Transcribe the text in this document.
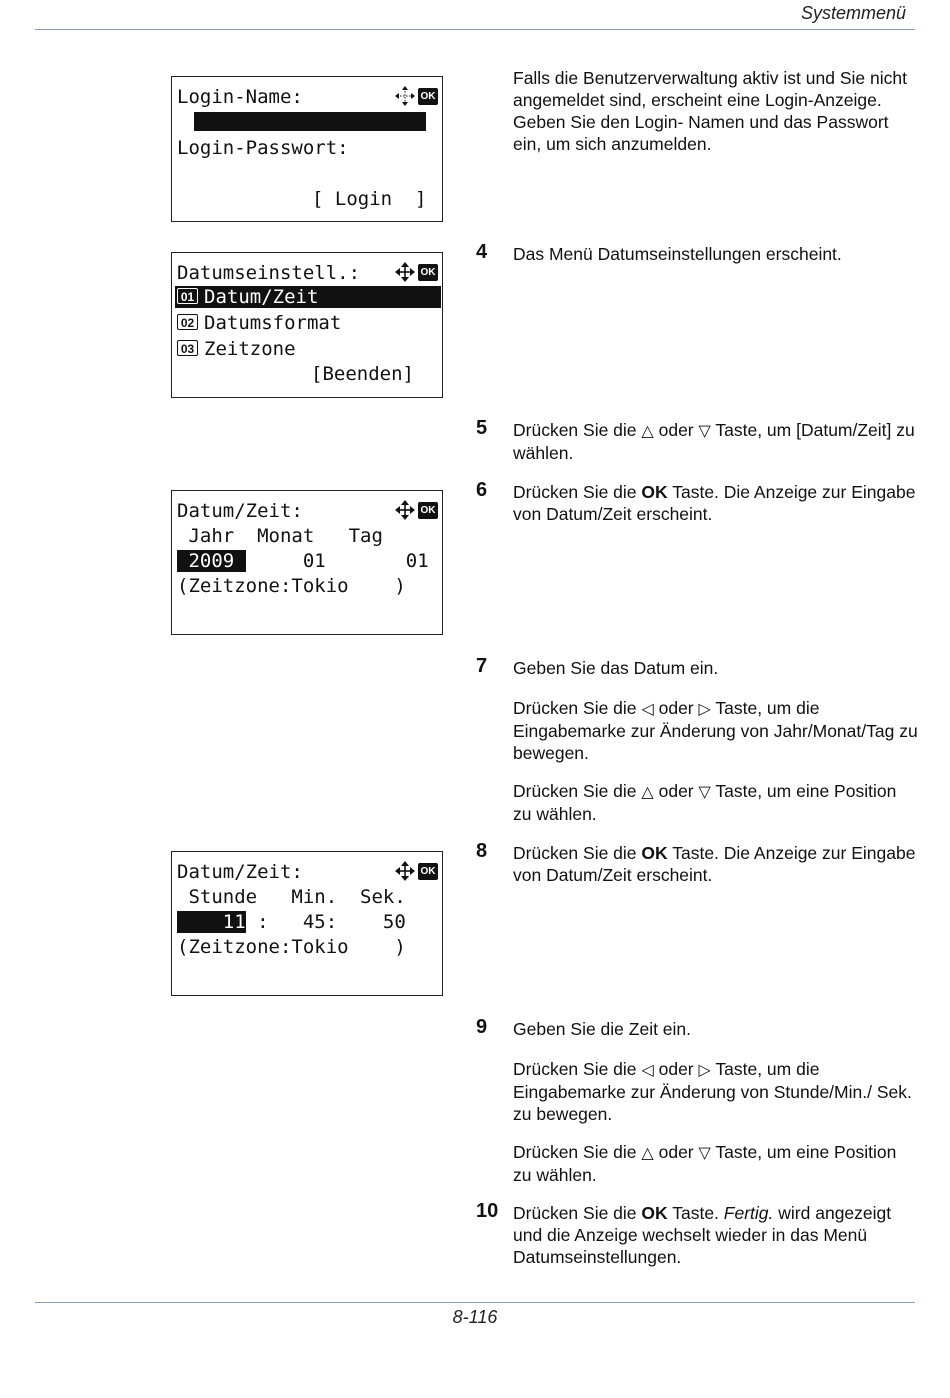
Systemmenü
Login-Name:	OK
Login-Passwort:
[ Login  ]
Datumseinstell.:	OK
01 Datum/Zeit
02 Datumsformat
03 Zeitzone
[Beenden]
Datum/Zeit:	OK
Jahr  Monat   Tag
2009      01       01
(Zeitzone:Tokio    )
Datum/Zeit:	OK
Stunde   Min.  Sek.
11 :   45:    50
(Zeitzone:Tokio    )
Falls die Benutzerverwaltung aktiv ist und Sie nicht angemeldet sind, erscheint eine Login-Anzeige. Geben Sie den Login- Namen und das Passwort ein, um sich anzumelden.
4 Das Menü Datumseinstellungen erscheint.
5 Drücken Sie die △ oder ▽ Taste, um [Datum/Zeit] zu wählen.
6 Drücken Sie die OK Taste. Die Anzeige zur Eingabe von Datum/Zeit erscheint.
7 Geben Sie das Datum ein.
Drücken Sie die ◁ oder ▷ Taste, um die Eingabemarke zur Änderung von Jahr/Monat/Tag zu bewegen.
Drücken Sie die △ oder ▽ Taste, um eine Position zu wählen.
8 Drücken Sie die OK Taste. Die Anzeige zur Eingabe von Datum/Zeit erscheint.
9 Geben Sie die Zeit ein.
Drücken Sie die ◁ oder ▷ Taste, um die Eingabemarke zur Änderung von Stunde/Min./ Sek. zu bewegen.
Drücken Sie die △ oder ▽ Taste, um eine Position zu wählen.
10 Drücken Sie die OK Taste. Fertig. wird angezeigt und die Anzeige wechselt wieder in das Menü Datumseinstellungen.
8-116
